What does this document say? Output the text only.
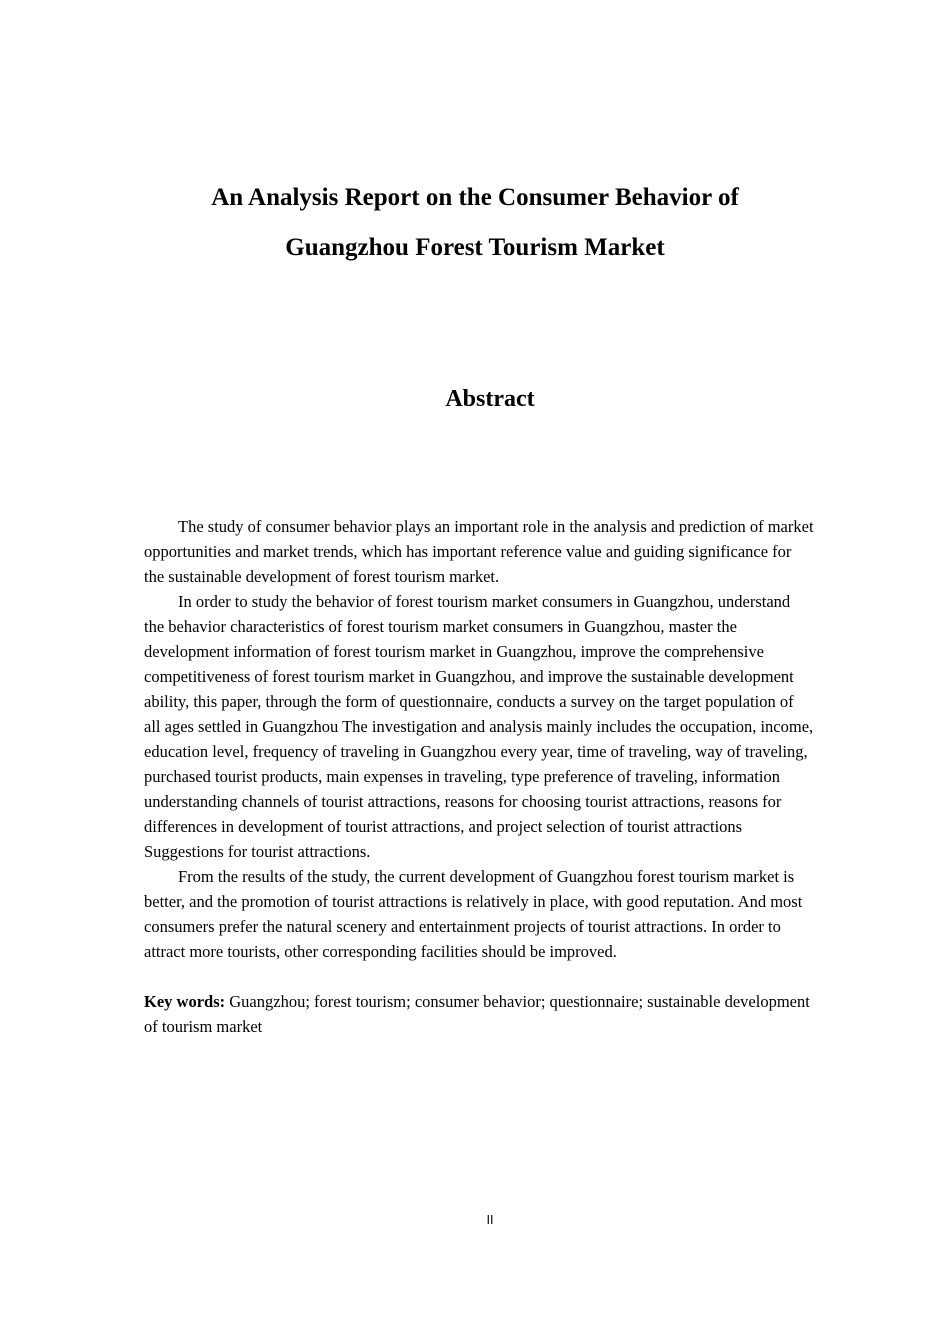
An Analysis Report on the Consumer Behavior of
Guangzhou Forest Tourism Market
Abstract

The study of consumer behavior plays an important role in the analysis and prediction of market opportunities and market trends, which has important reference value and guiding significance for the sustainable development of forest tourism market.

In order to study the behavior of forest tourism market consumers in Guangzhou, understand the behavior characteristics of forest tourism market consumers in Guangzhou, master the development information of forest tourism market in Guangzhou, improve the comprehensive competitiveness of forest tourism market in Guangzhou, and improve the sustainable development ability, this paper, through the form of questionnaire, conducts a survey on the target population of all ages settled in Guangzhou The investigation and analysis mainly includes the occupation, income, education level, frequency of traveling in Guangzhou every year, time of traveling, way of traveling, purchased tourist products, main expenses in traveling, type preference of traveling, information understanding channels of tourist attractions, reasons for choosing tourist attractions, reasons for differences in development of tourist attractions, and project selection of tourist attractions Suggestions for tourist attractions.

From the results of the study, the current development of Guangzhou forest tourism market is better, and the promotion of tourist attractions is relatively in place, with good reputation. And most consumers prefer the natural scenery and entertainment projects of tourist attractions. In order to attract more tourists, other corresponding facilities should be improved.

Key words: Guangzhou; forest tourism; consumer behavior; questionnaire; sustainable development of tourism market

II
